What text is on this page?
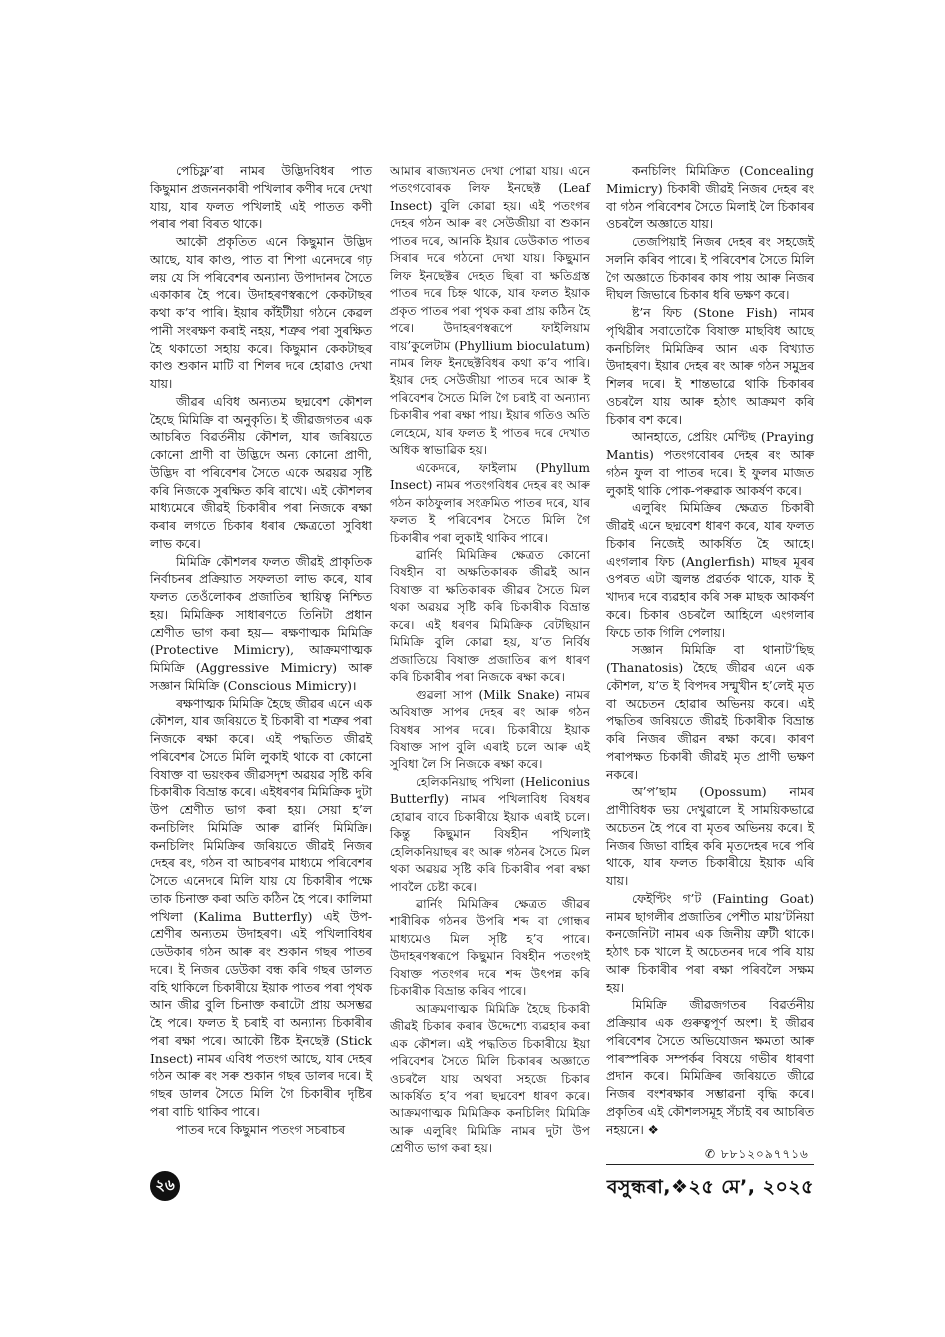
পেচিফ্ল’ৰা নামৰ উদ্ভিদবিধৰ পাত কিছুমান প্ৰজননকাৰী পখিলাৰ কণীৰ দৰে দেখা যায়, যাৰ ফলত পখিলাই এই পাতত কণী পৰাৰ পৰা বিৰত থাকে।

আকৌ প্ৰকৃতিত এনে কিছুমান উদ্ভিদ আছে, যাৰ কাণ্ড, পাত বা শিপা এনেদৰে গঢ় লয় যে সি পৰিবেশৰ অন্যান্য উপাদানৰ সৈতে একাকাৰ হৈ পৰে। উদাহৰণস্বৰূপে কেকটাছৰ কথা ক’ব পাৰি। ইয়াৰ কাঁইটীয়া গঠনে কেৱল পানী সংৰক্ষণ কৰাই নহয়, শত্ৰুৰ পৰা সুৰক্ষিত হৈ থকাতো সহায় কৰে। কিছুমান কেকটাছৰ কাণ্ড শুকান মাটি বা শিলৰ দৰে হোৱাও দেখা যায়।

জীৱৰ এবিধ অন্যতম ছদ্মবেশ কৌশল হৈছে মিমিক্ৰি বা অনুকৃতি। ই জীৱজগতৰ এক আচৰিত বিৱৰ্তনীয় কৌশল, যাৰ জৰিয়তে কোনো প্ৰাণী বা উদ্ভিদে অন্য কোনো প্ৰাণী, উদ্ভিদ বা পৰিবেশৰ সৈতে একে অৱয়ৱ সৃষ্টি কৰি নিজকে সুৰক্ষিত কৰি ৰাখে। এই কৌশলৰ মাধ্যমেৰে জীৱই চিকাৰীৰ পৰা নিজকে ৰক্ষা কৰাৰ লগতে চিকাৰ ধৰাৰ ক্ষেত্ৰতো সুবিধা লাভ কৰে।

মিমিক্ৰি কৌশলৰ ফলত জীৱই প্ৰাকৃতিক নিৰ্বাচনৰ প্ৰক্ৰিয়াত সফলতা লাভ কৰে, যাৰ ফলত তেওঁলোকৰ প্ৰজাতিৰ স্থায়িত্ব নিশ্চিত হয়। মিমিক্ৰিক সাধাৰণতে তিনিটা প্ৰধান শ্ৰেণীত ভাগ কৰা হয়— ৰক্ষণাত্মক মিমিক্ৰি (Protective Mimicry), আক্ৰমণাত্মক মিমিক্ৰি (Aggressive Mimicry) আৰু সজ্ঞান মিমিক্ৰি (Conscious Mimicry)।

ৰক্ষণাত্মক মিমিক্ৰি হৈছে জীৱৰ এনে এক কৌশল, যাৰ জৰিয়তে ই চিকাৰী বা শত্ৰুৰ পৰা নিজকে ৰক্ষা কৰে। এই পদ্ধতিত জীৱই পৰিবেশৰ সৈতে মিলি লুকাই থাকে বা কোনো বিষাক্ত বা ভয়ংকৰ জীৱসদৃশ অৱয়ৱ সৃষ্টি কৰি চিকাৰীক বিভ্ৰান্ত কৰে। এইধৰণৰ মিমিক্ৰিক দুটা উপ শ্ৰেণীত ভাগ কৰা হয়। সেয়া হ’ল কনচিলিং মিমিক্ৰি আৰু ৱাৰ্নিং মিমিক্ৰি। কনচিলিং মিমিক্ৰিৰ জৰিয়তে জীৱই নিজৰ দেহৰ ৰং, গঠন বা আচৰণৰ মাধ্যমে পৰিবেশৰ সৈতে এনেদৰে মিলি যায় যে চিকাৰীৰ পক্ষে তাক চিনাক্ত কৰা অতি কঠিন হৈ পৰে। কালিমা পখিলা (Kalima Butterfly) এই উপ-শ্ৰেণীৰ অন্যতম উদাহৰণ। এই পখিলাবিধৰ ডেউকাৰ গঠন আৰু ৰং শুকান গছৰ পাতৰ দৰে। ই নিজৰ ডেউকা বন্ধ কৰি গছৰ ডালত বহি থাকিলে চিকাৰীয়ে ইয়াক পাতৰ পৰা পৃথক আন জীৱ বুলি চিনাক্ত কৰাটো প্ৰায় অসম্ভৱ হৈ পৰে। ফলত ই চৰাই বা অন্যান্য চিকাৰীৰ পৰা ৰক্ষা পৰে। আকৌ ষ্টিক ইনছেক্ট (Stick Insect) নামৰ এবিধ পতংগ আছে, যাৰ দেহৰ গঠন আৰু ৰং সৰু শুকান গছৰ ডালৰ দৰে। ই গছৰ ডালৰ সৈতে মিলি গৈ চিকাৰীৰ দৃষ্টিৰ পৰা বাচি থাকিব পাৰে।

পাতৰ দৰে কিছুমান পতংগ সচৰাচৰ

আমাৰ ৰাজ্যখনত দেখা পোৱা যায়। এনে পতংগবোৰক লিফ ইনছেক্ট (Leaf Insect) বুলি কোৱা হয়। এই পতংগৰ দেহৰ গঠন আৰু ৰং সেউজীয়া বা শুকান পাতৰ দৰে, আনকি ইয়াৰ ডেউকাত পাতৰ সিৰাৰ দৰে গঠনো দেখা যায়। কিছুমান লিফ ইনছেক্টৰ দেহত ছিৰা বা ক্ষতিগ্ৰস্ত পাতৰ দৰে চিহ্ন থাকে, যাৰ ফলত ইয়াক প্ৰকৃত পাতৰ পৰা পৃথক কৰা প্ৰায় কঠিন হৈ পৰে। উদাহৰণস্বৰূপে ফাইলিয়াম বায়’কুলেটাম (Phyllium bioculatum) নামৰ লিফ ইনছেক্টবিধৰ কথা ক’ব পাৰি। ইয়াৰ দেহ সেউজীয়া পাতৰ দৰে আৰু ই পৰিবেশৰ সৈতে মিলি গৈ চৰাই বা অন্যান্য চিকাৰীৰ পৰা ৰক্ষা পায়। ইয়াৰ গতিও অতি লেহেমে, যাৰ ফলত ই পাতৰ দৰে দেখাত অধিক স্বাভাৱিক হয়।

একেদৰে, ফাইলাম (Phyllum Insect) নামৰ পতংগবিধৰ দেহৰ ৰং আৰু গঠন কাঠফুলাৰ সংক্ৰমিত পাতৰ দৰে, যাৰ ফলত ই পৰিবেশৰ সৈতে মিলি গৈ চিকাৰীৰ পৰা লুকাই থাকিব পাৰে।

ৱাৰ্নিং মিমিক্ৰিৰ ক্ষেত্ৰত কোনো বিষহীন বা অক্ষতিকাৰক জীৱই আন বিষাক্ত বা ক্ষতিকাৰক জীৱৰ সৈতে মিল থকা অৱয়ৱ সৃষ্টি কৰি চিকাৰীক বিভ্ৰান্ত কৰে। এই ধৰণৰ মিমিক্ৰিক বেটছিয়ান মিমিক্ৰি বুলি কোৱা হয়, য’ত নিৰ্বিষ প্ৰজাতিয়ে বিষাক্ত প্ৰজাতিৰ ৰূপ ধাৰণ কৰি চিকাৰীৰ পৰা নিজকে ৰক্ষা কৰে।

গুৱলা সাপ (Milk Snake) নামৰ অবিষাক্ত সাপৰ দেহৰ ৰং আৰু গঠন বিষধৰ সাপৰ দৰে। চিকাৰীয়ে ইয়াক বিষাক্ত সাপ বুলি এৰাই চলে আৰু এই সুবিধা লৈ সি নিজকে ৰক্ষা কৰে।

হেলিকনিয়াছ পখিলা (Heliconius Butterfly) নামৰ পখিলাবিধ বিষধৰ হোৱাৰ বাবে চিকাৰীয়ে ইয়াক এৰাই চলে। কিন্তু কিছুমান বিষহীন পখিলাই হেলিকনিয়াছৰ ৰং আৰু গঠনৰ সৈতে মিল থকা অৱয়ৱ সৃষ্টি কৰি চিকাৰীৰ পৰা ৰক্ষা পাবলৈ চেষ্টা কৰে।

ৱাৰ্নিং মিমিক্ৰিৰ ক্ষেত্ৰত জীৱৰ শাৰীৰিক গঠনৰ উপৰি শব্দ বা গোন্ধৰ মাধ্যমেও মিল সৃষ্টি হ’ব পাৰে। উদাহৰণস্বৰূপে কিছুমান বিষহীন পতংগই বিষাক্ত পতংগৰ দৰে শব্দ উৎপন্ন কৰি চিকাৰীক বিভ্ৰান্ত কৰিব পাৰে।

আক্ৰমণাত্মক মিমিক্ৰি হৈছে চিকাৰী জীৱই চিকাৰ কৰাৰ উদ্দেশ্যে ব্যৱহাৰ কৰা এক কৌশল। এই পদ্ধতিত চিকাৰীয়ে ইয়া পৰিবেশৰ সৈতে মিলি চিকাৰৰ অজ্ঞাতে ওচৰলৈ যায় অথবা সহজে চিকাৰ আকৰ্ষিত হ’ব পৰা ছদ্মবেশ ধাৰণ কৰে। আক্ৰমণাত্মক মিমিক্ৰিক কনচিলিং মিমিক্ৰি আৰু এলুৰিং মিমিক্ৰি নামৰ দুটা উপ শ্ৰেণীত ভাগ কৰা হয়।

কনচিলিং মিমিক্ৰিত (Concealing Mimicry) চিকাৰী জীৱই নিজৰ দেহৰ ৰং বা গঠন পৰিবেশৰ সৈতে মিলাই লৈ চিকাৰৰ ওচৰলৈ অজ্ঞাতে যায়।

তেজপিয়াই নিজৰ দেহৰ ৰং সহজেই সলনি কৰিব পাৰে। ই পৰিবেশৰ সৈতে মিলি গৈ অজ্ঞাতে চিকাৰৰ কাষ পায় আৰু নিজৰ দীঘল জিভাৰে চিকাৰ ধৰি ভক্ষণ কৰে।

ষ্ট’ন ফিচ (Stone Fish) নামৰ পৃথিৱীৰ সবাতোকৈ বিষাক্ত মাছবিধ আছে কনচিলিং মিমিক্ৰিৰ আন এক বিখ্যাত উদাহৰণ। ইয়াৰ দেহৰ ৰং আৰু গঠন সমুদ্ৰৰ শিলৰ দৰে। ই শান্তভাৱে থাকি চিকাৰৰ ওচৰলৈ যায় আৰু হঠাৎ আক্ৰমণ কৰি চিকাৰ বশ কৰে।

আনহাতে, প্ৰেয়িং মেণ্টিছ (Praying Mantis) পতংগবোৰৰ দেহৰ ৰং আৰু গঠন ফুল বা পাতৰ দৰে। ই ফুলৰ মাজত লুকাই থাকি পোক-পৰুৱাক আকৰ্ষণ কৰে।

এলুৰিং মিমিক্ৰিৰ ক্ষেত্ৰত চিকাৰী জীৱই এনে ছদ্মবেশ ধাৰণ কৰে, যাৰ ফলত চিকাৰ নিজেই আকৰ্ষিত হৈ আহে। এংগলাৰ ফিচ (Anglerfish) মাছৰ মূৰৰ ওপৰত এটা জ্বলন্ত প্ৰৱৰ্তক থাকে, যাক ই খাদ্যৰ দৰে ব্যৱহাৰ কৰি সৰু মাছক আকৰ্ষণ কৰে। চিকাৰ ওচৰলৈ আহিলে এংগলাৰ ফিচে তাক গিলি পেলায়।

সজ্ঞান মিমিক্ৰি বা থানাট’ছিছ (Thanatosis) হৈছে জীৱৰ এনে এক কৌশল, য’ত ই বিপদৰ সন্মুখীন হ’লেই মৃত বা অচেতন হোৱাৰ অভিনয় কৰে। এই পদ্ধতিৰ জৰিয়তে জীৱই চিকাৰীক বিভ্ৰান্ত কৰি নিজৰ জীৱন ৰক্ষা কৰে। কাৰণ পৰাপক্ষত চিকাৰী জীৱই মৃত প্ৰাণী ভক্ষণ নকৰে।

অ’প’ছাম (Opossum) নামৰ প্ৰাণীবিধক ভয় দেখুৱালে ই সাময়িকভাৱে অচেতন হৈ পৰে বা মৃতৰ অভিনয় কৰে। ই নিজৰ জিভা বাহিৰ কৰি মৃতদেহৰ দৰে পৰি থাকে, যাৰ ফলত চিকাৰীয়ে ইয়াক এৰি যায়।

ফেইণ্টিং গ’ট (Fainting Goat) নামৰ ছাগলীৰ প্ৰজাতিৰ পেশীত মায়’টনিয়া কনজেনিটা নামৰ এক জিনীয় ত্ৰুটী থাকে। হঠাৎ চক খালে ই অচেতনৰ দৰে পৰি যায় আৰু চিকাৰীৰ পৰা ৰক্ষা পৰিবলৈ সক্ষম হয়।

মিমিক্ৰি জীৱজগতৰ বিৱৰ্তনীয় প্ৰক্ৰিয়াৰ এক গুৰুত্বপূৰ্ণ অংশ। ই জীৱৰ পৰিবেশৰ সৈতে অভিযোজন ক্ষমতা আৰু পাৰস্পৰিক সম্পৰ্কৰ বিষয়ে গভীৰ ধাৰণা প্ৰদান কৰে। মিমিক্ৰিৰ জৰিয়তে জীৱে নিজৰ বংশৰক্ষাৰ সম্ভাৱনা বৃদ্ধি কৰে। প্ৰকৃতিৰ এই কৌশলসমূহ সঁচাই বৰ আচৰিত নহয়নে। ❖

✆ ৮৮১২০৯৭৭১৬
২৬	বসুন্ধৰা,❖২৫ মে’, ২০২৫
